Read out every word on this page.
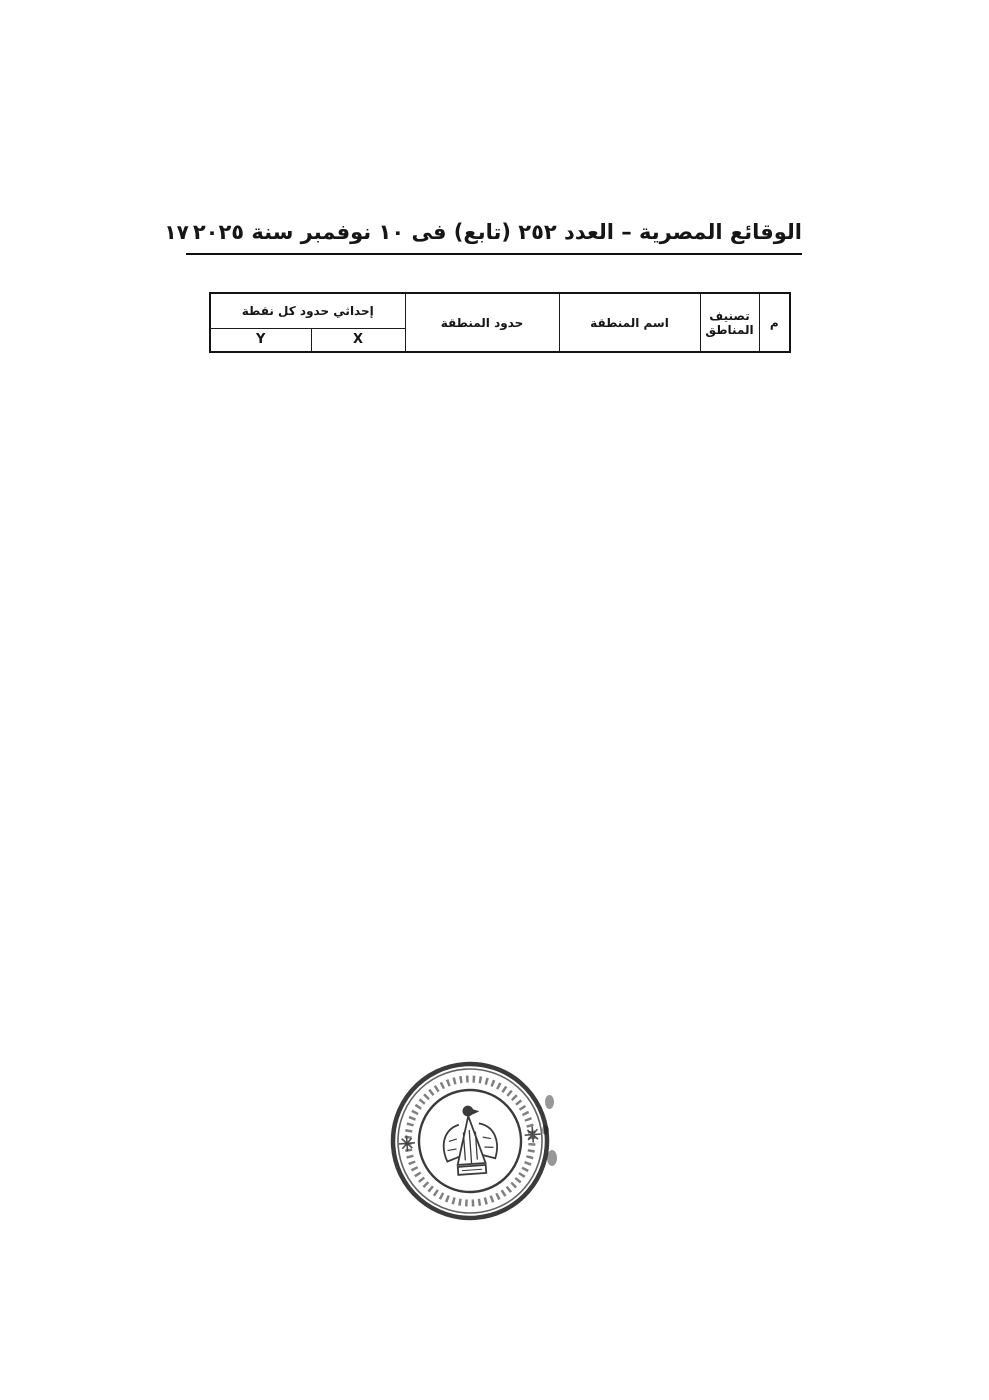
الوقائع المصرية – العدد ٢٥٢ (تابع) فى ١٠ نوفمبر سنة ٢٠٢٥
١٧
م	تصنيف المناطق	اسم المنطقة	حدود المنطقة	إحداثي حدود كل نقطة	
				X	Y
